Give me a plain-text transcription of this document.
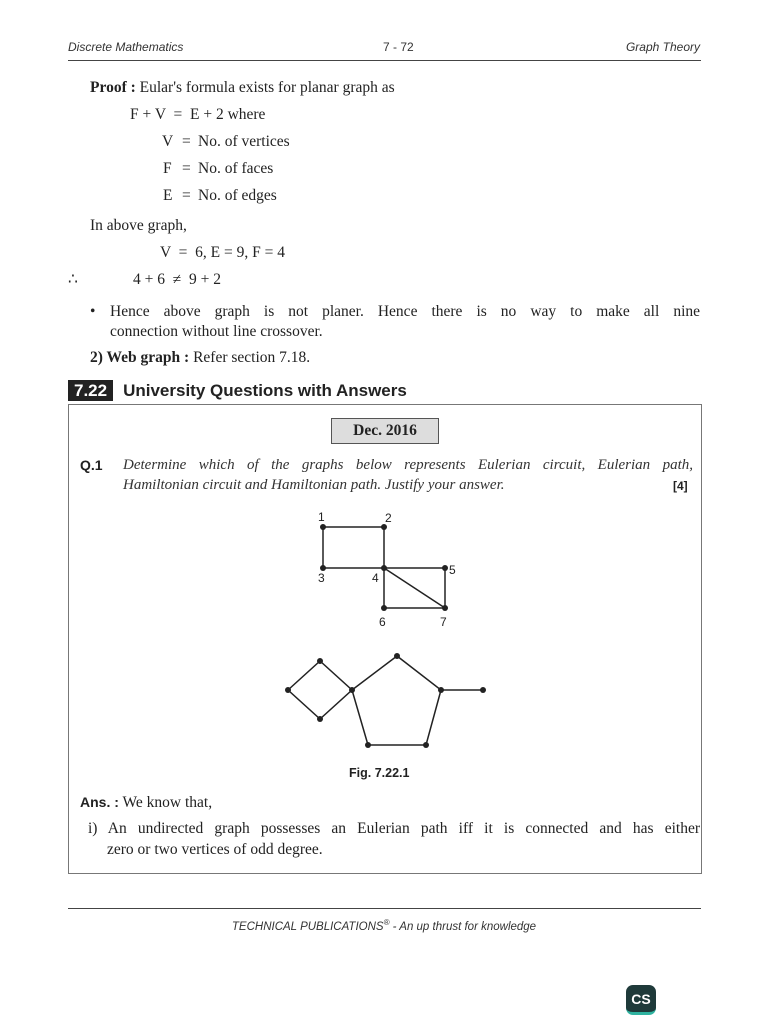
Discrete Mathematics	7 - 72	Graph Theory
Proof : Eular's formula exists for planar graph as
F + V  =  E + 2 where
V = No. of vertices
F = No. of faces
E = No. of edges
In above graph,
V  =  6, E = 9, F = 4
∴	4 + 6  ≠  9 + 2
• Hence above graph is not planer. Hence there is no way to make all nine
connection without line crossover.
2) Web graph : Refer section 7.18.
7.22 University Questions with Answers
Dec. 2016
Q.1 Determine which of the graphs below represents Eulerian circuit, Eulerian path,
Hamiltonian circuit and Hamiltonian path. Justify your answer.	[4]
1	2
3	4
5
6	7
Fig. 7.22.1
Ans. : We know that,
i) An undirected graph possesses an Eulerian path iff it is connected and has either
zero or two vertices of odd degree.
TECHNICAL PUBLICATIONS® - An up thrust for knowledge
CS
